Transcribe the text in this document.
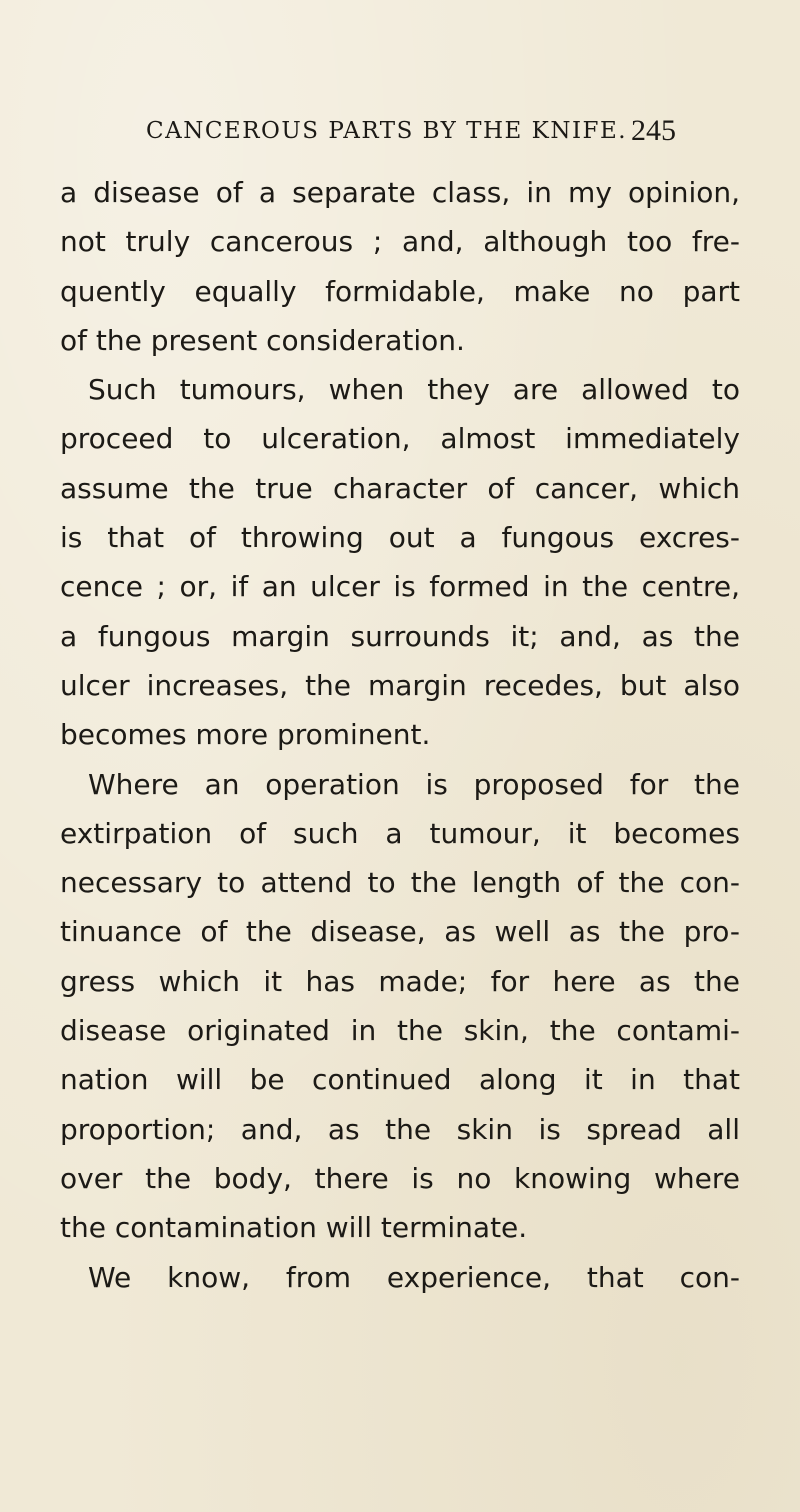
CANCEROUS PARTS BY THE KNIFE. 245
a disease of a separate class, in my opinion,
not truly cancerous ; and, although too fre-
quently equally formidable, make no part
of the present consideration.
Such tumours, when they are allowed to
proceed to ulceration, almost immediately
assume the true character of cancer, which
is that of throwing out a fungous excres-
cence ; or, if an ulcer is formed in the centre,
a fungous margin surrounds it; and, as the
ulcer increases, the margin recedes, but also
becomes more prominent.
Where an operation is proposed for the
extirpation of such a tumour, it becomes
necessary to attend to the length of the con-
tinuance of the disease, as well as the pro-
gress which it has made; for here as the
disease originated in the skin, the contami-
nation will be continued along it in that
proportion; and, as the skin is spread all
over the body, there is no knowing where
the contamination will terminate.
We know, from experience, that con-
